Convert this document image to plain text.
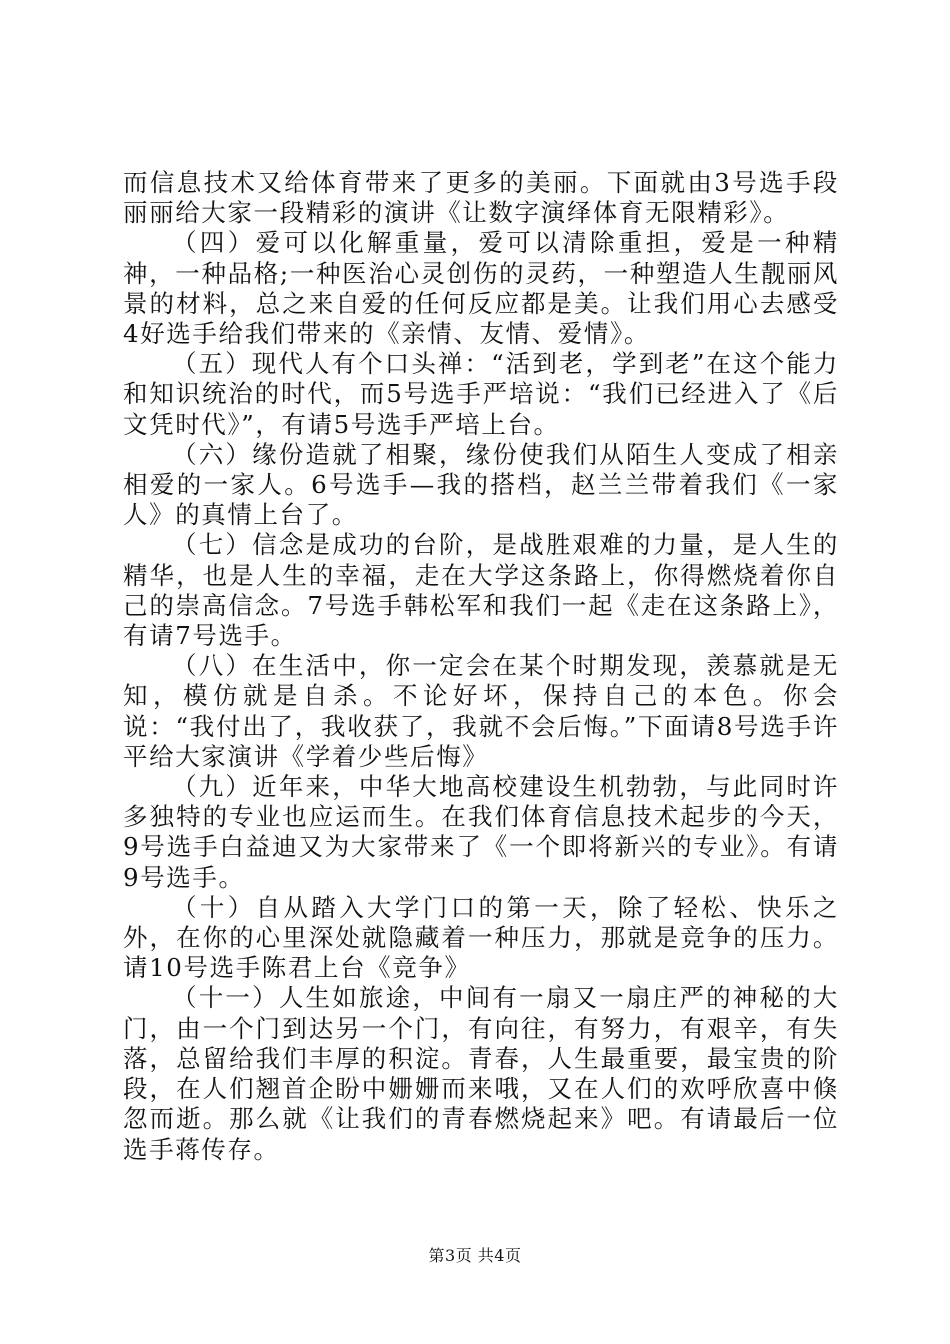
而信息技术又给体育带来了更多的美丽。下面就由3号选手段丽丽给大家一段精彩的演讲《让数字演绎体育无限精彩》。

（四）爱可以化解重量，爱可以清除重担，爱是一种精神，一种品格;一种医治心灵创伤的灵药，一种塑造人生靓丽风景的材料，总之来自爱的任何反应都是美。让我们用心去感受4好选手给我们带来的《亲情、友情、爱情》。

（五）现代人有个口头禅：“活到老，学到老”在这个能力和知识统治的时代，而5号选手严培说：“我们已经进入了《后文凭时代》”，有请5号选手严培上台。

（六）缘份造就了相聚，缘份使我们从陌生人变成了相亲相爱的一家人。6号选手—我的搭档，赵兰兰带着我们《一家人》的真情上台了。

（七）信念是成功的台阶，是战胜艰难的力量，是人生的精华，也是人生的幸福，走在大学这条路上，你得燃烧着你自己的崇高信念。7号选手韩松军和我们一起《走在这条路上》，有请7号选手。

（八）在生活中，你一定会在某个时期发现，羡慕就是无知，模仿就是自杀。不论好坏，保持自己的本色。你会说：“我付出了，我收获了，我就不会后悔。”下面请8号选手许平给大家演讲《学着少些后悔》

（九）近年来，中华大地高校建设生机勃勃，与此同时许多独特的专业也应运而生。在我们体育信息技术起步的今天，9号选手白益迪又为大家带来了《一个即将新兴的专业》。有请9号选手。

（十）自从踏入大学门口的第一天，除了轻松、快乐之外，在你的心里深处就隐藏着一种压力，那就是竞争的压力。请10号选手陈君上台《竞争》

（十一）人生如旅途，中间有一扇又一扇庄严的神秘的大门，由一个门到达另一个门，有向往，有努力，有艰辛，有失落，总留给我们丰厚的积淀。青春，人生最重要，最宝贵的阶段，在人们翘首企盼中姗姗而来哦，又在人们的欢呼欣喜中倏忽而逝。那么就《让我们的青春燃烧起来》吧。有请最后一位选手蒋传存。

第3页 共4页
